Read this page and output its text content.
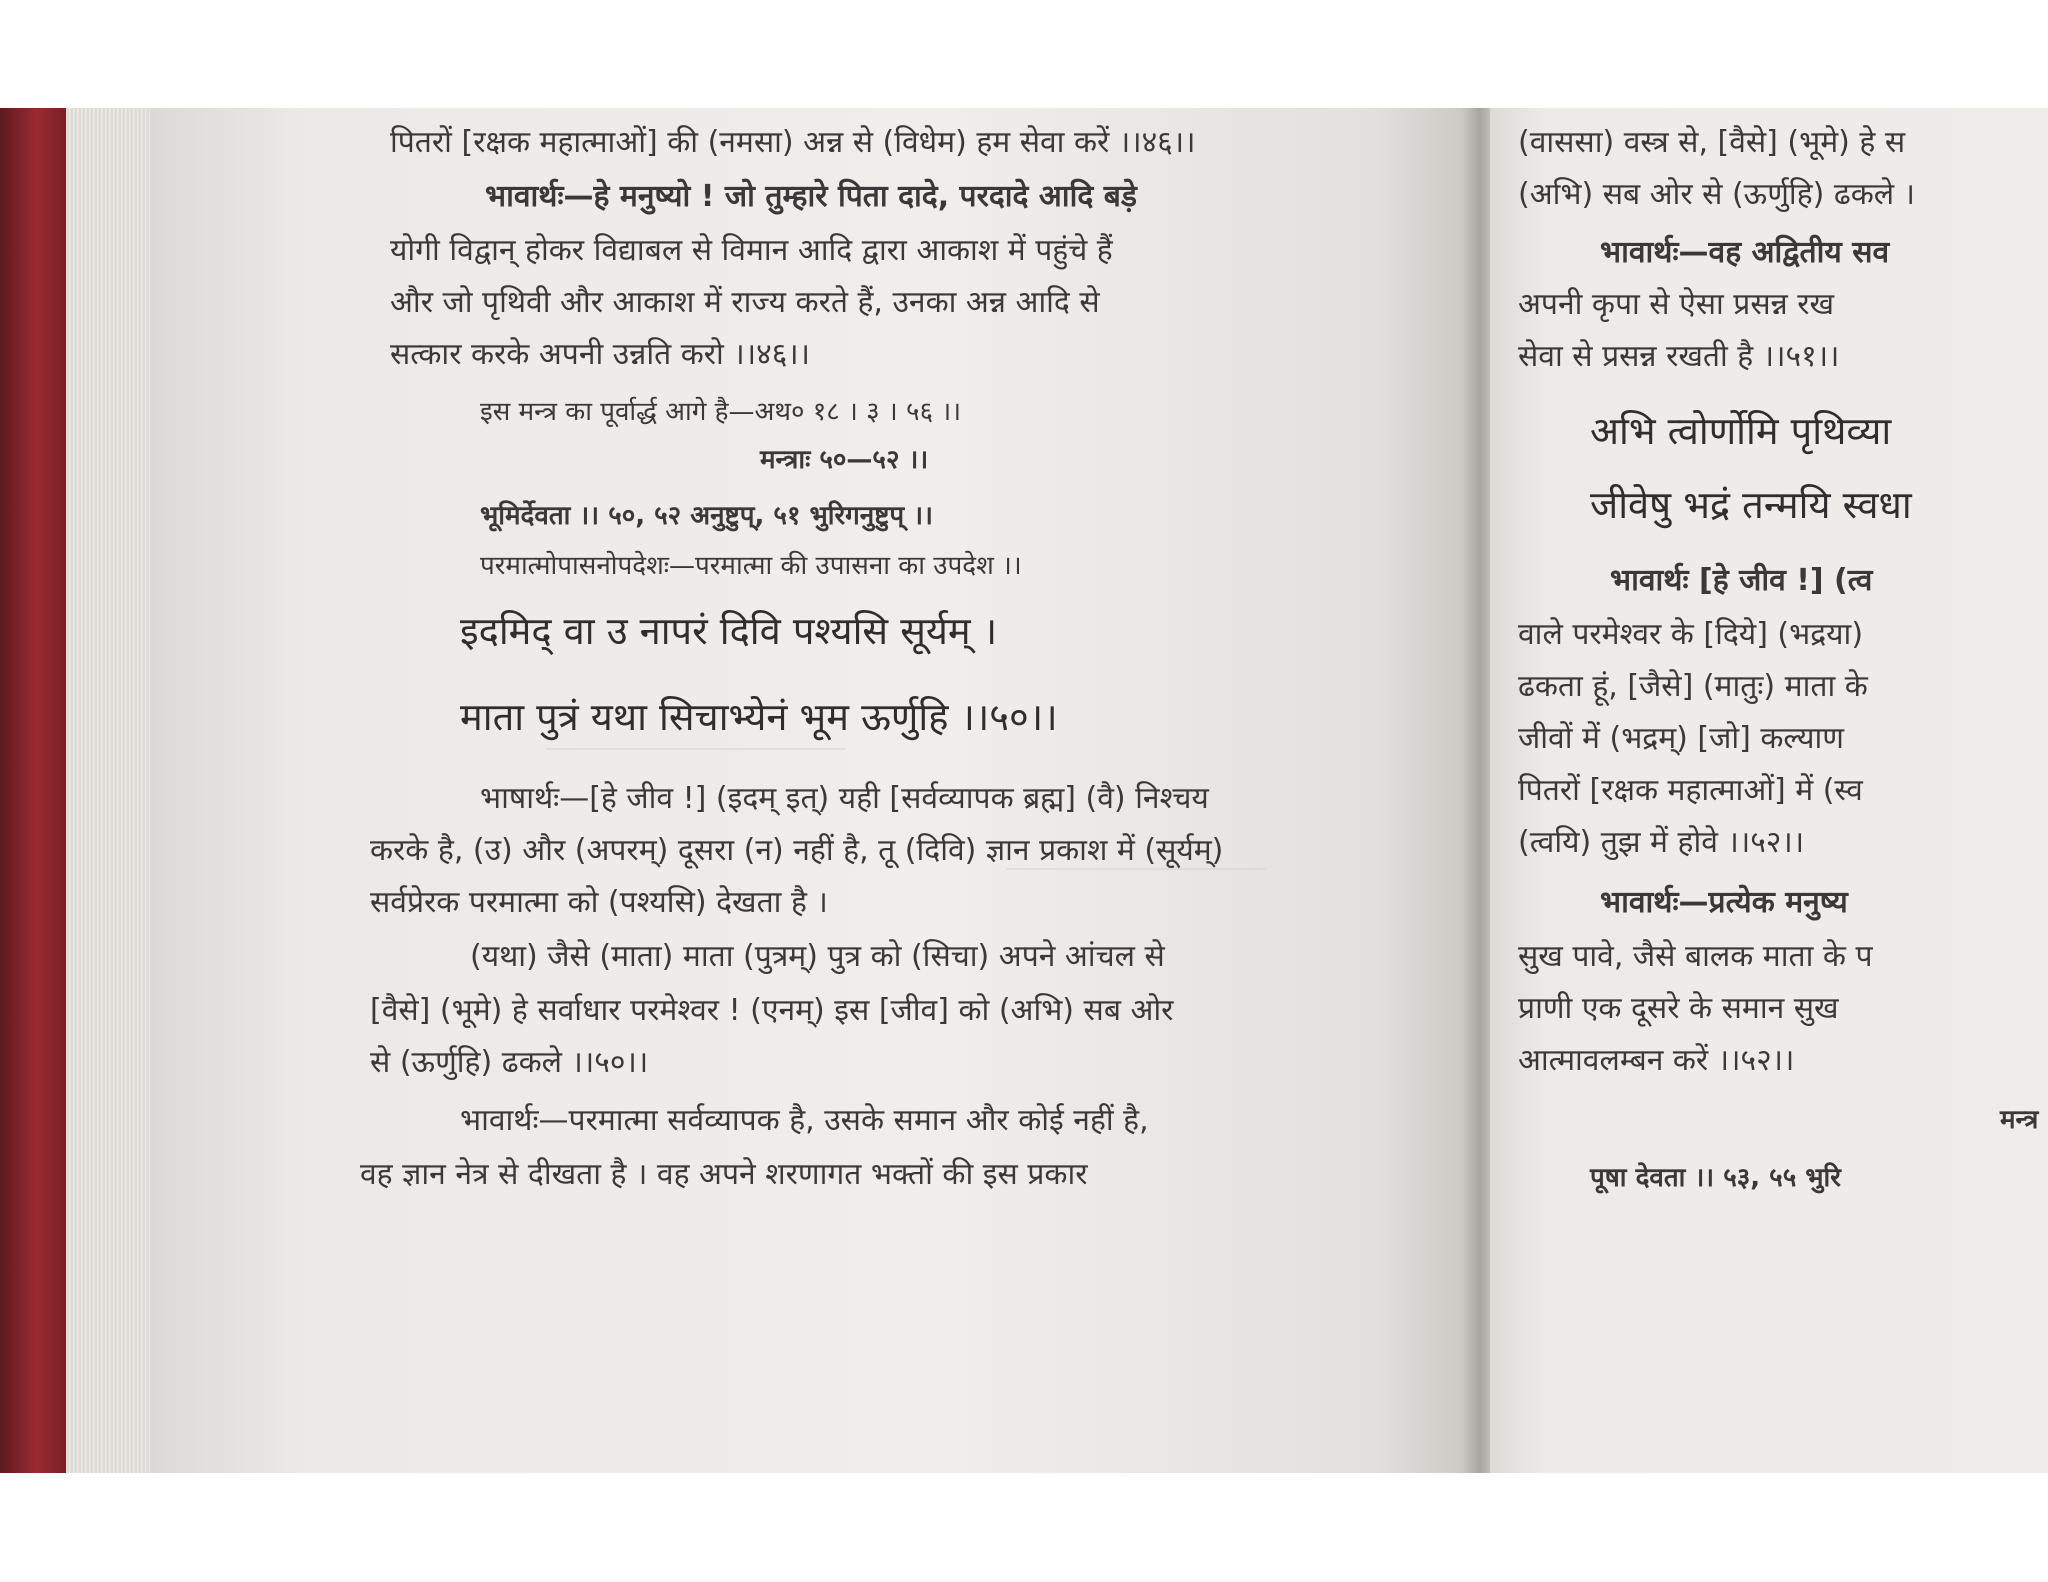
पितरों [रक्षक महात्माओं] की (नमसा) अन्न से (विधेम) हम सेवा करें ।।४६।।
भावार्थः—हे मनुष्यो ! जो तुम्हारे पिता दादे, परदादे आदि बड़े
योगी विद्वान् होकर विद्याबल से विमान आदि द्वारा आकाश में पहुंचे हैं
और जो पृथिवी और आकाश में राज्य करते हैं, उनका अन्न आदि से
सत्कार करके अपनी उन्नति करो ।।४६।।
इस मन्त्र का पूर्वार्द्ध आगे है—अथ० १८ । ३ । ५६ ।।
मन्त्राः ५०—५२ ।।
भूमिर्देवता ।। ५०, ५२ अनुष्टुप्, ५१ भुरिगनुष्टुप् ।।
परमात्मोपासनोपदेशः—परमात्मा की उपासना का उपदेश ।।
इदमिद् वा उ नापरं दिवि पश्यसि सूर्यम् ।
माता पुत्रं यथा सिचाभ्येनं भूम ऊर्णुहि ।।५०।।
भाषार्थः—[हे जीव !] (इदम् इत्) यही [सर्वव्यापक ब्रह्म] (वै) निश्चय
करके है, (उ) और (अपरम्) दूसरा (न) नहीं है, तू (दिवि) ज्ञान प्रकाश में (सूर्यम्)
सर्वप्रेरक परमात्मा को (पश्यसि) देखता है ।
(यथा) जैसे (माता) माता (पुत्रम्) पुत्र को (सिचा) अपने आंचल से
[वैसे] (भूमे) हे सर्वाधार परमेश्वर ! (एनम्) इस [जीव] को (अभि) सब ओर
से (ऊर्णुहि) ढकले ।।५०।।
भावार्थः—परमात्मा सर्वव्यापक है, उसके समान और कोई नहीं है,
वह ज्ञान नेत्र से दीखता है । वह अपने शरणागत भक्तों की इस प्रकार
(वाससा) वस्त्र से, [वैसे] (भूमे) हे स
(अभि) सब ओर से (ऊर्णुहि) ढकले ।
भावार्थः—वह अद्वितीय सव
अपनी कृपा से ऐसा प्रसन्न रख
सेवा से प्रसन्न रखती है ।।५१।।
अभि त्वोर्णोमि पृथिव्या
जीवेषु भद्रं तन्मयि स्वधा
भावार्थः [हे जीव !] (त्व
वाले परमेश्वर के [दिये] (भद्रया)
ढकता हूं, [जैसे] (मातुः) माता के
जीवों में (भद्रम्) [जो] कल्याण
पितरों [रक्षक महात्माओं] में (स्व
(त्वयि) तुझ में होवे ।।५२।।
भावार्थः—प्रत्येक मनुष्य
सुख पावे, जैसे बालक माता के प
प्राणी एक दूसरे के समान सुख
आत्मावलम्बन करें ।।५२।।
मन्त्र
पूषा देवता ।। ५३, ५५ भुरि
